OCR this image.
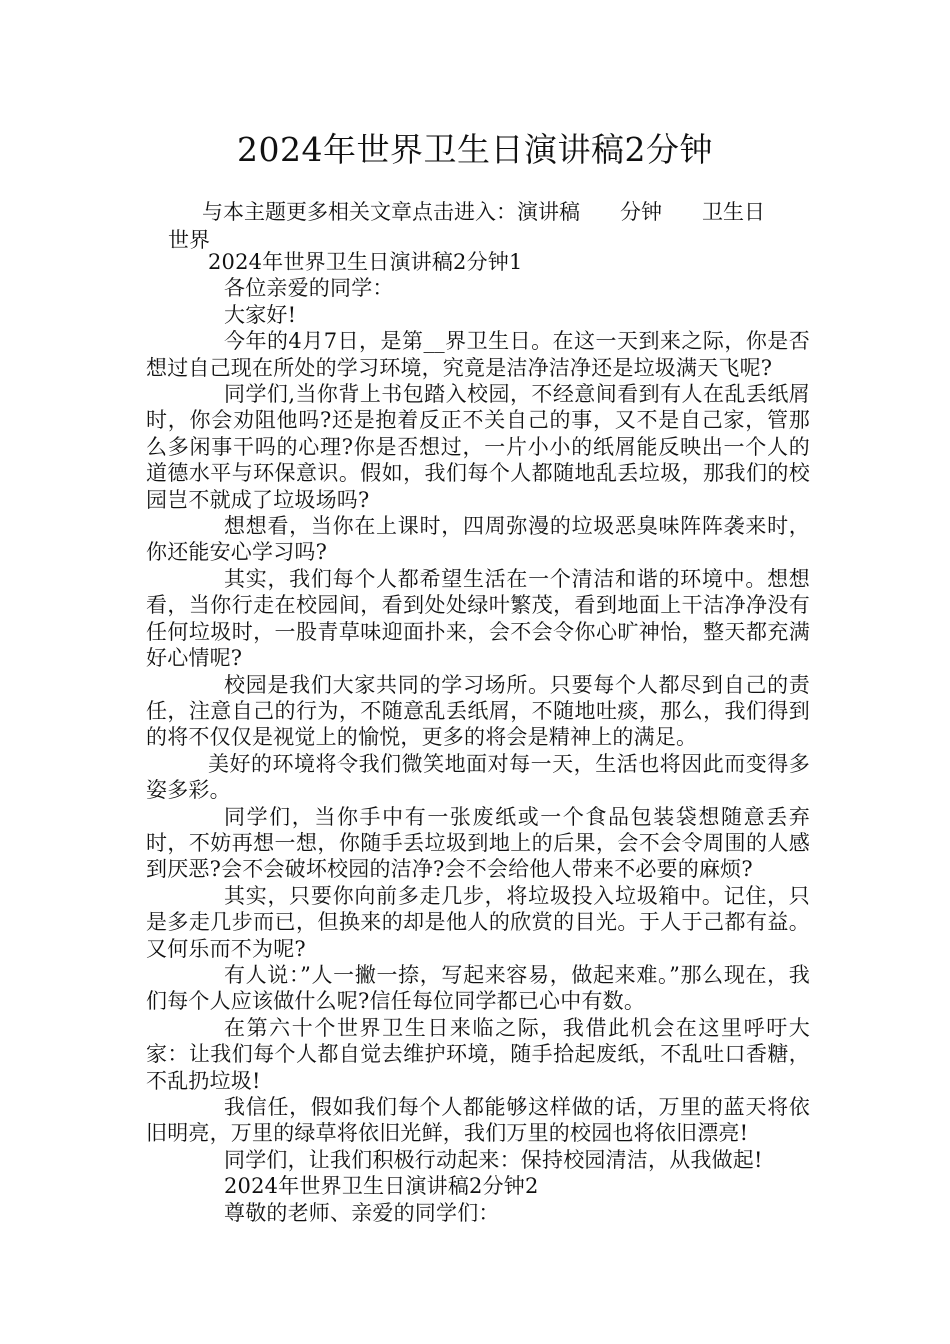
2024年世界卫生日演讲稿2分钟
与本主题更多相关文章点击进入：演讲稿 分钟 卫生日
世界

2024年世界卫生日演讲稿2分钟1

各位亲爱的同学：

大家好!

今年的4月7日，是第__界卫生日。在这一天到来之际，你是否想过自己现在所处的学习环境，究竟是洁净洁净还是垃圾满天飞呢?

同学们,当你背上书包踏入校园，不经意间看到有人在乱丢纸屑时，你会劝阻他吗?还是抱着反正不关自己的事，又不是自己家，管那么多闲事干吗的心理?你是否想过，一片小小的纸屑能反映出一个人的道德水平与环保意识。假如，我们每个人都随地乱丢垃圾，那我们的校园岂不就成了垃圾场吗?

想想看，当你在上课时，四周弥漫的垃圾恶臭味阵阵袭来时，你还能安心学习吗?

其实，我们每个人都希望生活在一个清洁和谐的环境中。想想看，当你行走在校园间，看到处处绿叶繁茂，看到地面上干洁净净没有任何垃圾时，一股青草味迎面扑来，会不会令你心旷神怡，整天都充满好心情呢?

校园是我们大家共同的学习场所。只要每个人都尽到自己的责任，注意自己的行为，不随意乱丢纸屑，不随地吐痰，那么，我们得到的将不仅仅是视觉上的愉悦，更多的将会是精神上的满足。

美好的环境将令我们微笑地面对每一天，生活也将因此而变得多姿多彩。

同学们，当你手中有一张废纸或一个食品包装袋想随意丢弃时，不妨再想一想，你随手丢垃圾到地上的后果，会不会令周围的人感到厌恶?会不会破坏校园的洁净?会不会给他人带来不必要的麻烦?

其实，只要你向前多走几步，将垃圾投入垃圾箱中。记住，只是多走几步而已，但换来的却是他人的欣赏的目光。于人于己都有益。又何乐而不为呢?

有人说：”人一撇一捺，写起来容易，做起来难。”那么现在，我们每个人应该做什么呢?信任每位同学都已心中有数。

在第六十个世界卫生日来临之际，我借此机会在这里呼吁大家：让我们每个人都自觉去维护环境，随手拾起废纸，不乱吐口香糖，不乱扔垃圾!

我信任，假如我们每个人都能够这样做的话，万里的蓝天将依旧明亮，万里的绿草将依旧光鲜，我们万里的校园也将依旧漂亮!

同学们，让我们积极行动起来：保持校园清洁，从我做起!

2024年世界卫生日演讲稿2分钟2

尊敬的老师、亲爱的同学们：
